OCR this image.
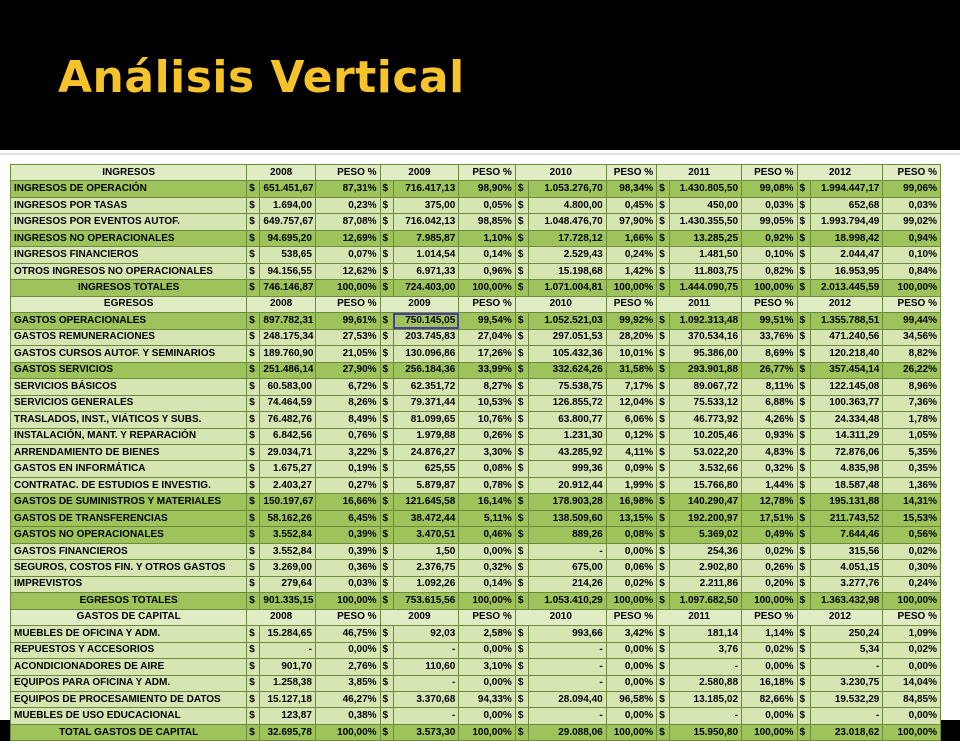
Análisis Vertical
INGRESOS	2008		PESO %	2009		PESO %	2010		PESO %	2011		PESO %	2012		PESO %
INGRESOS DE OPERACIÓN	$	651.451,67	87,31%	$	716.417,13	98,90%	$	1.053.276,70	98,34%	$	1.430.805,50	99,08%	$	1.994.447,17	99,06%
INGRESOS POR TASAS	$	1.694,00	0,23%	$	375,00	0,05%	$	4.800,00	0,45%	$	450,00	0,03%	$	652,68	0,03%
INGRESOS POR EVENTOS AUTOF.	$	649.757,67	87,08%	$	716.042,13	98,85%	$	1.048.476,70	97,90%	$	1.430.355,50	99,05%	$	1.993.794,49	99,02%
INGRESOS NO OPERACIONALES	$	94.695,20	12,69%	$	7.985,87	1,10%	$	17.728,12	1,66%	$	13.285,25	0,92%	$	18.998,42	0,94%
INGRESOS FINANCIEROS	$	538,65	0,07%	$	1.014,54	0,14%	$	2.529,43	0,24%	$	1.481,50	0,10%	$	2.044,47	0,10%
OTROS INGRESOS NO OPERACIONALES	$	94.156,55	12,62%	$	6.971,33	0,96%	$	15.198,68	1,42%	$	11.803,75	0,82%	$	16.953,95	0,84%
INGRESOS TOTALES	$	746.146,87	100,00%	$	724.403,00	100,00%	$	1.071.004,81	100,00%	$	1.444.090,75	100,00%	$	2.013.445,59	100,00%
EGRESOS	2008		PESO %	2009		PESO %	2010		PESO %	2011		PESO %	2012		PESO %
GASTOS OPERACIONALES	$	897.782,31	99,61%	$	750.145,05	99,54%	$	1.052.521,03	99,92%	$	1.092.313,48	99,51%	$	1.355.788,51	99,44%
GASTOS REMUNERACIONES	$	248.175,34	27,53%	$	203.745,83	27,04%	$	297.051,53	28,20%	$	370.534,16	33,76%	$	471.240,56	34,56%
GASTOS CURSOS AUTOF. Y SEMINARIOS	$	189.760,90	21,05%	$	130.096,86	17,26%	$	105.432,36	10,01%	$	95.386,00	8,69%	$	120.218,40	8,82%
GASTOS SERVICIOS	$	251.486,14	27,90%	$	256.184,36	33,99%	$	332.624,26	31,58%	$	293.901,88	26,77%	$	357.454,14	26,22%
SERVICIOS BÁSICOS	$	60.583,00	6,72%	$	62.351,72	8,27%	$	75.538,75	7,17%	$	89.067,72	8,11%	$	122.145,08	8,96%
SERVICIOS GENERALES	$	74.464,59	8,26%	$	79.371,44	10,53%	$	126.855,72	12,04%	$	75.533,12	6,88%	$	100.363,77	7,36%
TRASLADOS, INST., VIÁTICOS Y SUBS.	$	76.482,76	8,49%	$	81.099,65	10,76%	$	63.800,77	6,06%	$	46.773,92	4,26%	$	24.334,48	1,78%
INSTALACIÓN, MANT. Y REPARACIÓN	$	6.842,56	0,76%	$	1.979,88	0,26%	$	1.231,30	0,12%	$	10.205,46	0,93%	$	14.311,29	1,05%
ARRENDAMIENTO DE BIENES	$	29.034,71	3,22%	$	24.876,27	3,30%	$	43.285,92	4,11%	$	53.022,20	4,83%	$	72.876,06	5,35%
GASTOS EN INFORMÁTICA	$	1.675,27	0,19%	$	625,55	0,08%	$	999,36	0,09%	$	3.532,66	0,32%	$	4.835,98	0,35%
CONTRATAC. DE ESTUDIOS E INVESTIG.	$	2.403,27	0,27%	$	5.879,87	0,78%	$	20.912,44	1,99%	$	15.766,80	1,44%	$	18.587,48	1,36%
GASTOS DE SUMINISTROS Y MATERIALES	$	150.197,67	16,66%	$	121.645,58	16,14%	$	178.903,28	16,98%	$	140.290,47	12,78%	$	195.131,88	14,31%
GASTOS DE TRANSFERENCIAS	$	58.162,26	6,45%	$	38.472,44	5,11%	$	138.509,60	13,15%	$	192.200,97	17,51%	$	211.743,52	15,53%
GASTOS NO OPERACIONALES	$	3.552,84	0,39%	$	3.470,51	0,46%	$	889,26	0,08%	$	5.369,02	0,49%	$	7.644,46	0,56%
GASTOS FINANCIEROS	$	3.552,84	0,39%	$	1,50	0,00%	$	-	0,00%	$	254,36	0,02%	$	315,56	0,02%
SEGUROS, COSTOS FIN. Y OTROS GASTOS	$	3.269,00	0,36%	$	2.376,75	0,32%	$	675,00	0,06%	$	2.902,80	0,26%	$	4.051,15	0,30%
IMPREVISTOS	$	279,64	0,03%	$	1.092,26	0,14%	$	214,26	0,02%	$	2.211,86	0,20%	$	3.277,76	0,24%
EGRESOS TOTALES	$	901.335,15	100,00%	$	753.615,56	100,00%	$	1.053.410,29	100,00%	$	1.097.682,50	100,00%	$	1.363.432,98	100,00%
GASTOS DE CAPITAL	2008		PESO %	2009		PESO %	2010		PESO %	2011		PESO %	2012		PESO %
MUEBLES DE OFICINA Y ADM.	$	15.284,65	46,75%	$	92,03	2,58%	$	993,66	3,42%	$	181,14	1,14%	$	250,24	1,09%
REPUESTOS Y ACCESORIOS	$	-	0,00%	$	-	0,00%	$	-	0,00%	$	3,76	0,02%	$	5,34	0,02%
ACONDICIONADORES DE AIRE	$	901,70	2,76%	$	110,60	3,10%	$	-	0,00%	$	-	0,00%	$	-	0,00%
EQUIPOS PARA OFICINA Y ADM.	$	1.258,38	3,85%	$	-	0,00%	$	-	0,00%	$	2.580,88	16,18%	$	3.230,75	14,04%
EQUIPOS DE PROCESAMIENTO DE DATOS	$	15.127,18	46,27%	$	3.370,68	94,33%	$	28.094,40	96,58%	$	13.185,02	82,66%	$	19.532,29	84,85%
MUEBLES DE USO EDUCACIONAL	$	123,87	0,38%	$	-	0,00%	$	-	0,00%	$	-	0,00%	$	-	0,00%
TOTAL GASTOS DE CAPITAL	$	32.695,78	100,00%	$	3.573,30	100,00%	$	29.088,06	100,00%	$	15.950,80	100,00%	$	23.018,62	100,00%
